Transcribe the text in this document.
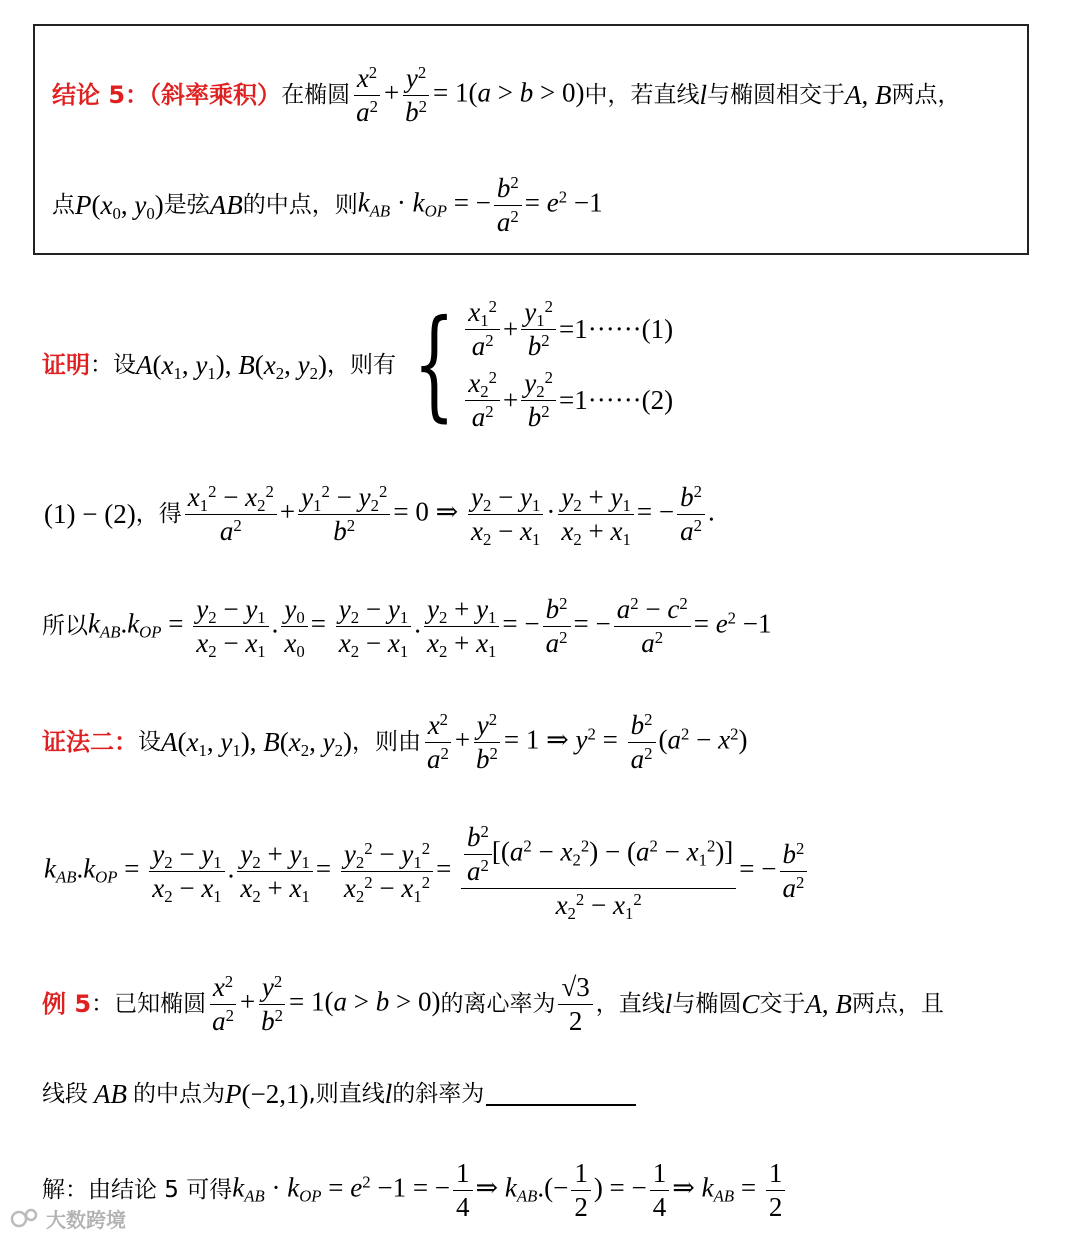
结论 5：（斜率乘积） 在椭圆 $\frac{x^2}{a^2} + \frac{y^2}{b^2} = 1(a > b > 0)$ 中，若直线 l 与椭圆相交于 A, B 两点，
点 $P(x_0$, $y_0$) 是弦 AB 的中点，则 $k_{AB} \cdot k_{OP}$ = − $\frac{b^2}{a^2} = e^2 -1$
证明 ：设 $A(x_1$, $y_1$), $B(x_2$, $y_2$) ，则有 { $\frac{x_1^2}{a^2} + \frac{y_1^2}{b^2} =1\cdot\cdot\cdot\cdot\cdot\cdot(1)$
$\frac{x_2^2}{a^2} + \frac{y_2^2}{b^2} =1\cdot\cdot\cdot\cdot\cdot\cdot(2)$
(1) − (2) ，得 $\frac{x_1^2 - x_2^2}{a^2} + \frac{y_1^2 - y_2^2}{b^2} = 0$ ⇒ $\frac{y_2 - y_1}{x_2 - x_1} \cdot \frac{y_2 + y_1}{x_2 + x_1}$ = − $\frac{b^2}{a^2}$ .
所以 $k_{AB}.k_{OP} = \frac{y_2 - y_1}{x_2 - x_1}$ . $\frac{y_0}{x_0} = \frac{y_2 - y_1}{x_2 - x_1}$ . $\frac{y_2 + y_1}{x_2 + x_1}$ = − $\frac{b^2}{a^2}$ = − $\frac{a^2 - c^2}{a^2} = e^2 -1$
证法二： 设 $A(x_1$, $y_1$), $B(x_2$, $y_2$) ，则由 $\frac{x^2}{a^2} + \frac{y^2}{b^2} = 1$ ⇒ $y^2 = \frac{b^2}{a^2} (a^2 - x^2)$
$k_{AB}.k_{OP} = \frac{y_2 - y_1}{x_2 - x_1}$ . $\frac{y_2 + y_1}{x_2 + x_1} = \frac{y_2^2 - y_1^2}{x_2^2 - x_1^2} = \frac{\frac{b^2}{a^2} [(a^2 - x_2^2) - (a^2 - x_1^2)]}{x_2^2 - x_1^2}$ = − $\frac{b^2}{a^2}$
例 5 ：已知椭圆 $\frac{x^2}{a^2} + \frac{y^2}{b^2} = 1(a > b > 0)$ 的离心率为 $\frac{√3}{2}$ ，直线 l 与椭圆 C 交于 A, B 两点，且
线段 AB 的中点为 P(−2,1) ,则直线 l 的斜率为
解：由结论 5 可得 $k_{AB} \cdot k_{OP} = e^2 -1$ = − $\frac{1}{4}$ ⇒ $k_{AB}.(- \frac{1}{2}$ ) = − $\frac{1}{4}$ ⇒ $k_{AB} = \frac{1}{2}$
大数跨境
